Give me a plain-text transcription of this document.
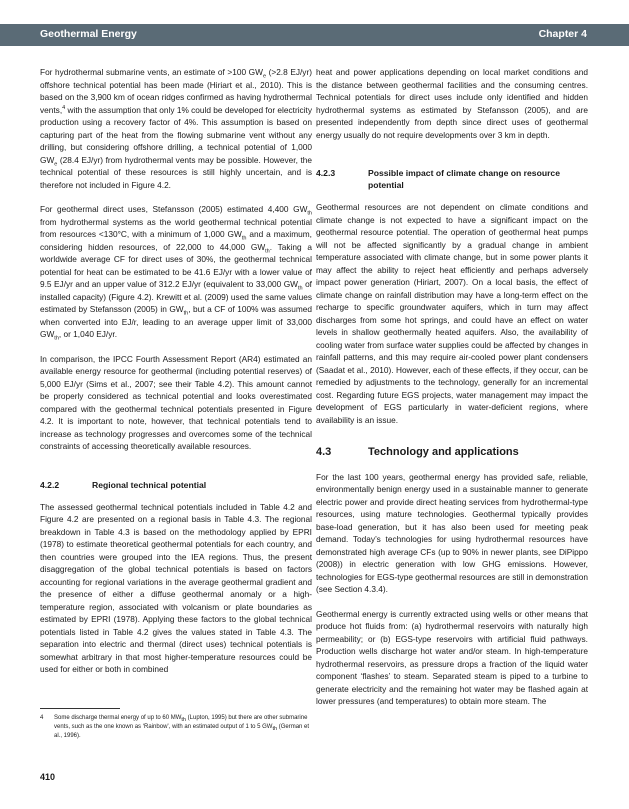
Geothermal Energy	Chapter 4

For hydrothermal submarine vents, an estimate of >100 $GW_e$ (>2.8 EJ/yr) offshore technical potential has been made (Hiriart et al., 2010). This is based on the 3,900 km of ocean ridges confirmed as having hydrothermal vents,$^4$ with the assumption that only 1% could be developed for electricity production using a recovery factor of 4%. This assumption is based on capturing part of the heat from the flowing submarine vent without any drilling, but considering offshore drilling, a technical potential of 1,000 $GW_e$ (28.4 EJ/yr) from hydrothermal vents may be possible. However, the technical potential of these resources is still highly uncertain, and is therefore not included in Figure 4.2.

For geothermal direct uses, Stefansson (2005) estimated 4,400 $GW_{th}$ from hydrothermal systems as the world geothermal technical potential from resources <130°C, with a minimum of 1,000 $GW_{th}$ and a maximum, considering hidden resources, of 22,000 to 44,000 $GW_{th}$. Taking a worldwide average CF for direct uses of 30%, the geothermal technical potential for heat can be estimated to be 41.6 EJ/yr with a lower value of 9.5 EJ/yr and an upper value of 312.2 EJ/yr (equivalent to 33,000 $GW_{th}$ of installed capacity) (Figure 4.2). Krewitt et al. (2009) used the same values estimated by Stefansson (2005) in $GW_{th}$, but a CF of 100% was assumed when converted into EJ/r, leading to an average upper limit of 33,000 $GW_{th}$, or 1,040 EJ/yr.

In comparison, the IPCC Fourth Assessment Report (AR4) estimated an available energy resource for geothermal (including potential reserves) of 5,000 EJ/yr (Sims et al., 2007; see their Table 4.2). This amount cannot be properly considered as technical potential and looks overestimated compared with the geothermal technical potentials presented in Figure 4.2. It is important to note, however, that technical potentials tend to increase as technology progresses and overcomes some of the technical constraints of accessing theoretically available resources.

4.2.2	Regional technical potential

The assessed geothermal technical potentials included in Table 4.2 and Figure 4.2 are presented on a regional basis in Table 4.3. The regional breakdown in Table 4.3 is based on the methodology applied by EPRI (1978) to estimate theoretical geothermal potentials for each country, and then countries were grouped into the IEA regions. Thus, the present disaggregation of the global technical potentials is based on factors accounting for regional variations in the average geothermal gradient and the presence of either a diffuse geothermal anomaly or a high-temperature region, associated with volcanism or plate boundaries as estimated by EPRI (1978). Applying these factors to the global technical potentials listed in Table 4.2 gives the values stated in Table 4.3. The separation into electric and thermal (direct uses) technical potentials is somewhat arbitrary in that most higher-temperature resources could be used for either or both in combined

4	Some discharge thermal energy of up to 60 $MW_{th}$ (Lupton, 1995) but there are other submarine vents, such as the one known as ‘Rainbow’, with an estimated output of 1 to 5 $GW_{th}$ (German et al., 1996).

heat and power applications depending on local market conditions and the distance between geothermal facilities and the consuming centres. Technical potentials for direct uses include only identified and hidden hydrothermal systems as estimated by Stefansson (2005), and are presented independently from depth since direct uses of geothermal energy usually do not require developments over 3 km in depth.

4.2.3	Possible impact of climate change on resource potential

Geothermal resources are not dependent on climate conditions and climate change is not expected to have a significant impact on the geothermal resource potential. The operation of geothermal heat pumps will not be affected significantly by a gradual change in ambient temperature associated with climate change, but in some power plants it may affect the ability to reject heat efficiently and perhaps adversely impact power generation (Hiriart, 2007). On a local basis, the effect of climate change on rainfall distribution may have a long-term effect on the recharge to specific groundwater aquifers, which in turn may affect discharges from some hot springs, and could have an effect on water levels in shallow geothermally heated aquifers. Also, the availability of cooling water from surface water supplies could be affected by changes in rainfall patterns, and this may require air-cooled power plant condensers (Saadat et al., 2010). However, each of these effects, if they occur, can be remedied by adjustments to the technology, generally for an incremental cost. Regarding future EGS projects, water management may impact the development of EGS particularly in water-deficient regions, where availability is an issue.

4.3	Technology and applications

For the last 100 years, geothermal energy has provided safe, reliable, environmentally benign energy used in a sustainable manner to generate electric power and provide direct heating services from hydrothermal-type resources, using mature technologies. Geothermal typically provides base-load generation, but it has also been used for meeting peak demand. Today’s technologies for using hydrothermal resources have demonstrated high average CFs (up to 90% in newer plants, see DiPippo (2008)) in electric generation with low GHG emissions. However, technologies for EGS-type geothermal resources are still in demonstration (see Section 4.3.4).

Geothermal energy is currently extracted using wells or other means that produce hot fluids from: (a) hydrothermal reservoirs with naturally high permeability; or (b) EGS-type reservoirs with artificial fluid pathways. Production wells discharge hot water and/or steam. In high-temperature hydrothermal reservoirs, as pressure drops a fraction of the liquid water component ‘flashes’ to steam. Separated steam is piped to a turbine to generate electricity and the remaining hot water may be flashed again at lower pressures (and temperatures) to obtain more steam. The

410
